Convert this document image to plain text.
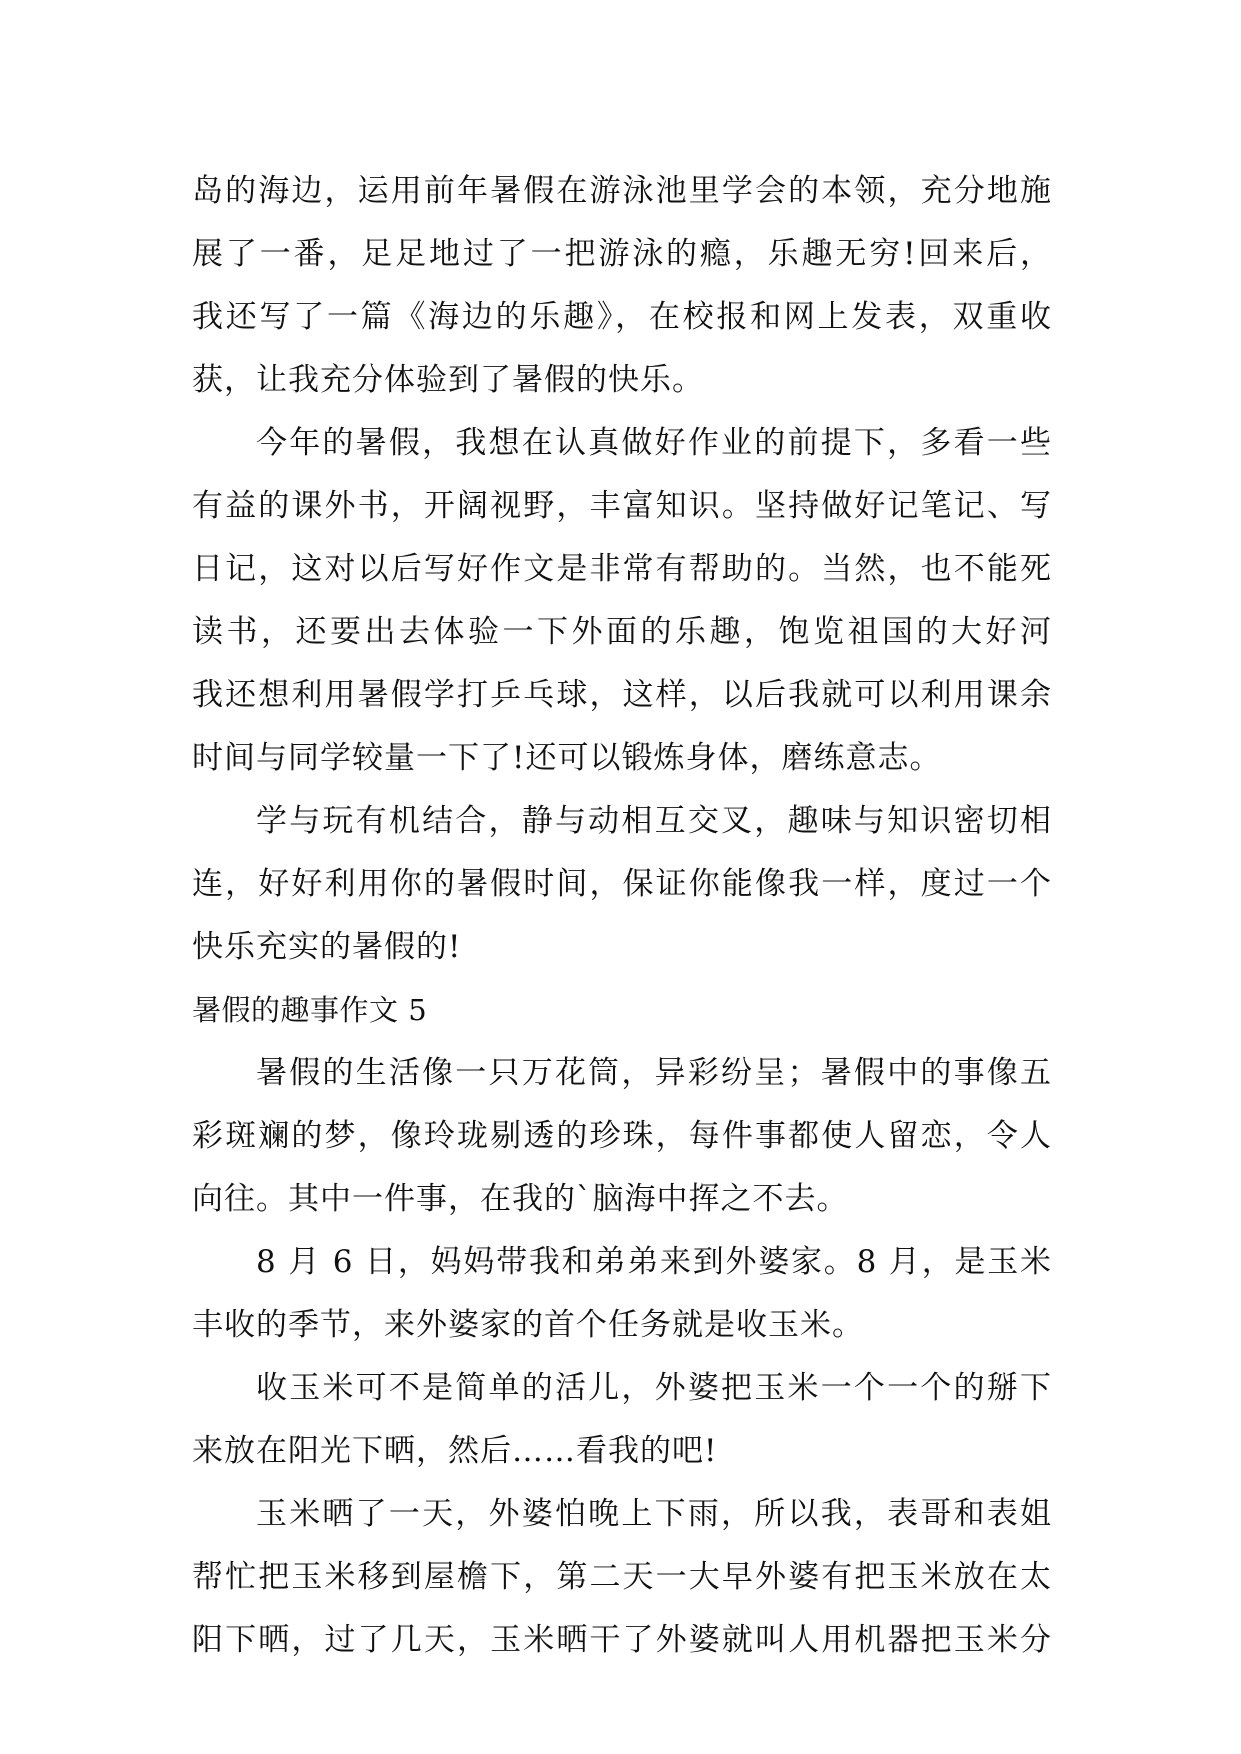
岛的海边，运用前年暑假在游泳池里学会的本领，充分地施
展了一番，足足地过了一把游泳的瘾，乐趣无穷!回来后，
我还写了一篇《海边的乐趣》，在校报和网上发表，双重收
获，让我充分体验到了暑假的快乐。
今年的暑假，我想在认真做好作业的前提下，多看一些
有益的课外书，开阔视野，丰富知识。坚持做好记笔记、写
日记，这对以后写好作文是非常有帮助的。当然，也不能死
读书，还要出去体验一下外面的乐趣，饱览祖国的大好河
我还想利用暑假学打乒乓球，这样，以后我就可以利用课余
时间与同学较量一下了!还可以锻炼身体，磨练意志。
学与玩有机结合，静与动相互交叉，趣味与知识密切相
连，好好利用你的暑假时间，保证你能像我一样，度过一个
快乐充实的暑假的!
暑假的趣事作文 5
暑假的生活像一只万花筒，异彩纷呈；暑假中的事像五
彩斑斓的梦，像玲珑剔透的珍珠，每件事都使人留恋，令人
向往。其中一件事，在我的`脑海中挥之不去。
8 月 6 日，妈妈带我和弟弟来到外婆家。8 月，是玉米
丰收的季节，来外婆家的首个任务就是收玉米。
收玉米可不是简单的活儿，外婆把玉米一个一个的掰下
来放在阳光下晒，然后……看我的吧!
玉米晒了一天，外婆怕晚上下雨，所以我，表哥和表姐
帮忙把玉米移到屋檐下，第二天一大早外婆有把玉米放在太
阳下晒，过了几天，玉米晒干了外婆就叫人用机器把玉米分
